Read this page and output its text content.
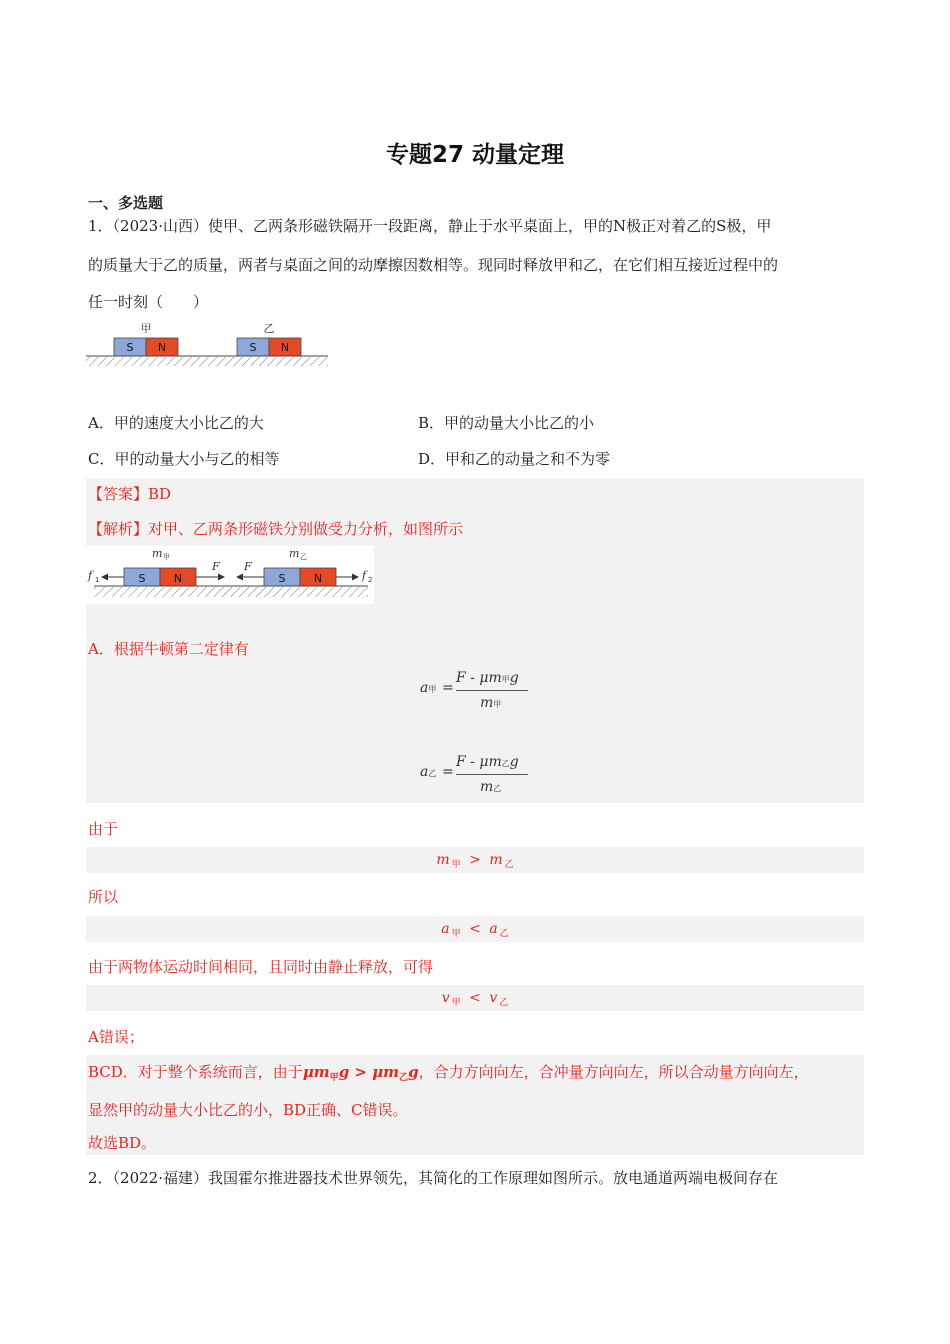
专题27 动量定理
一、多选题
1．（2023·山西）使甲、乙两条形磁铁隔开一段距离，静止于水平桌面上，甲的N极正对着乙的S极，甲
的质量大于乙的质量，两者与桌面之间的动摩擦因数相等。现同时释放甲和乙，在它们相互接近过程中的
任一时刻（　　）
甲	乙
S N	S N
A．甲的速度大小比乙的大	B．甲的动量大小比乙的小
C．甲的动量大小与乙的相等	D．甲和乙的动量之和不为零
【答案】BD
【解析】对甲、乙两条形磁铁分别做受力分析，如图所示
m 甲	m 乙
S	N	S	N
f 1
F F
f 2
A．根据牛顿第二定律有
a甲 =
F - μm甲g
m甲
a乙 =
F - μm乙g
m乙
由于
m $_甲$ > m $_乙$
所以
a $_甲$ < a $_乙$
由于两物体运动时间相同，且同时由静止释放，可得
v $_甲$ < v $_乙$
A错误；
BCD．对于整个系统而言，由于$\mu m_甲g > \mu m_乙g$，合力方向向左，合冲量方向向左，所以合动量方向向左，
显然甲的动量大小比乙的小，BD正确、C错误。
故选BD。
2．（2022·福建）我国霍尔推进器技术世界领先，其简化的工作原理如图所示。放电通道两端电极间存在
